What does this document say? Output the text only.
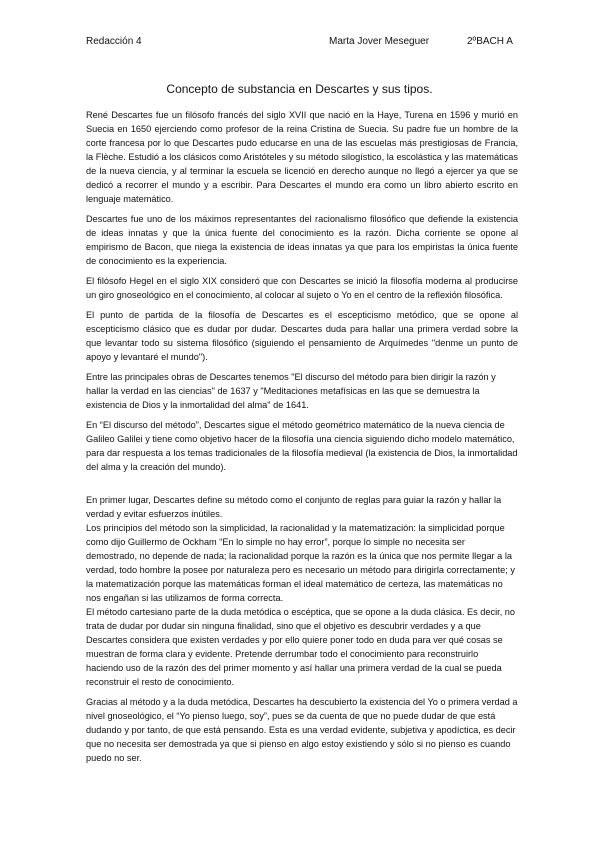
Redacción 4	Marta Jover Meseguer	2ºBACH A
Concepto de substancia en Descartes y sus tipos.

René Descartes fue un filósofo francés del siglo XVII que nació en la Haye, Turena en 1596 y murió en Suecia en 1650 ejerciendo como profesor de la reina Cristina de Suecia. Su padre fue un hombre de la corte francesa por lo que Descartes pudo educarse en una de las escuelas más prestigiosas de Francia, la Flèche. Estudió a los clásicos como Aristóteles y su método silogístico, la escolástica y las matemáticas de la nueva ciencia, y al terminar la escuela se licenció en derecho aunque no llegó a ejercer ya que se dedicó a recorrer el mundo y a escribir. Para Descartes el mundo era como un libro abierto escrito en lenguaje matemático.

Descartes fue uno de los máximos representantes del racionalismo filosófico que defiende la existencia de ideas innatas y que la única fuente del conocimiento es la razón. Dicha corriente se opone al empirismo de Bacon, que niega la existencia de ideas innatas ya que para los empiristas la única fuente de conocimiento es la experiencia.

El filósofo Hegel en el siglo XIX consideró que con Descartes se inició la filosofía moderna al producirse un giro gnoseológico en el conocimiento, al colocar al sujeto o Yo en el centro de la reflexión filosófica.

El punto de partida de la filosofía de Descartes es el escepticismo metódico, que se opone al escepticismo clásico que es dudar por dudar. Descartes duda para hallar una primera verdad sobre la que levantar todo su sistema filosófico (siguiendo el pensamiento de Arquímedes "denme un punto de apoyo y levantaré el mundo").

Entre las principales obras de Descartes tenemos "El discurso del método para bien dirigir la razón y hallar la verdad en las ciencias" de 1637 y "Meditaciones metafísicas en las que se demuestra la existencia de Dios y la inmortalidad del alma" de 1641.

En “El discurso del método”, Descartes sigue el método geométrico matemático de la nueva ciencia de Galileo Galilei y tiene como objetivo hacer de la filosofía una ciencia siguiendo dicho modelo matemático, para dar respuesta a los temas tradicionales de la filosofía medieval (la existencia de Dios, la inmortalidad del alma y la creación del mundo).

En primer lugar, Descartes define su método como el conjunto de reglas para guiar la razón y hallar la verdad y evitar esfuerzos inútiles.

Los principios del método son la simplicidad, la racionalidad y la matematización: la simplicidad porque como dijo Guillermo de Ockham “En lo simple no hay error”, porque lo simple no necesita ser demostrado, no depende de nada; la racionalidad porque la razón es la única que nos permite llegar a la verdad, todo hombre la posee por naturaleza pero es necesario un método para dirigirla correctamente; y la matematización porque las matemáticas forman el ideal matemático de certeza, las matemáticas no nos engañan si las utilizamos de forma correcta.

El método cartesiano parte de la duda metódica o escéptica, que se opone a la duda clásica. Es decir, no trata de dudar por dudar sin ninguna finalidad, sino que el objetivo es descubrir verdades y a que Descartes considera que existen verdades y por ello quiere poner todo en duda para ver qué cosas se muestran de forma clara y evidente. Pretende derrumbar todo el conocimiento para reconstruirlo haciendo uso de la razón des del primer momento y así hallar una primera verdad de la cual se pueda reconstruir el resto de conocimiento.

Gracias al método y a la duda metódica, Descartes ha descubierto la existencia del Yo o primera verdad a nivel gnoseológico, el “Yo pienso luego, soy”, pues se da cuenta de que no puede dudar de que está dudando y por tanto, de que está pensando. Esta es una verdad evidente, subjetiva y apodíctica, es decir que no necesita ser demostrada ya que si pienso en algo estoy existiendo y sólo si no pienso es cuando puedo no ser.
